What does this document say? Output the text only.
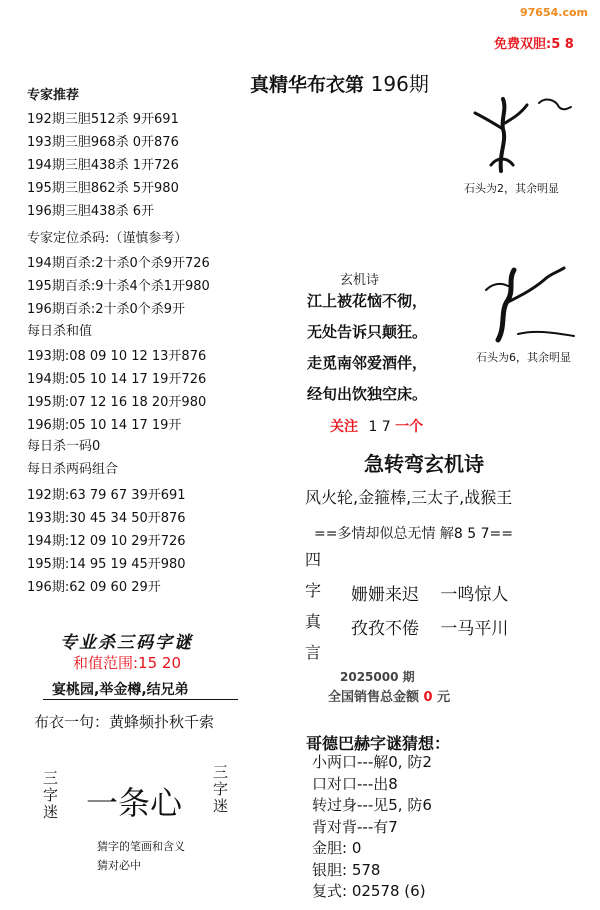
97654.com
免费双胆:5 8
真精华布衣第 196期
专家推荐
192期三胆512杀 9开691
193期三胆968杀 0开876
194期三胆438杀 1开726
195期三胆862杀 5开980
196期三胆438杀 6开
专家定位杀码:（谨慎参考）
194期百杀:2十杀0个杀9开726
195期百杀:9十杀4个杀1开980
196期百杀:2十杀0个杀9开
每日杀和值
193期:08 09 10 12 13开876
194期:05 10 14 17 19开726
195期:07 12 16 18 20开980
196期:05 10 14 17 19开
每日杀一码0
每日杀两码组合
192期:63 79 67 39开691
193期:30 45 34 50开876
194期:12 09 10 29开726
195期:14 95 19 45开980
196期:62 09 60 29开
专业杀三码字谜
和值范围:15 20
宴桃园,举金樽,结兄弟
布衣一句：黄蜂频扑秋千索
三字迷 一条心 三字迷
猜字的笔画和含义
猜对必中
石头为2，其余明显
石头为6，其余明显
玄机诗
江上被花恼不彻，
无处告诉只颠狂。
走觅南邻爱酒伴，
经旬出饮独空床。
关注 1 7 一个
急转弯玄机诗
风火轮,金箍棒,三太子,战猴王
==多情却似总无情 解8 5 7==
四
字
真
言
姗姗来迟 一鸣惊人
孜孜不倦 一马平川
2025000 期
全国销售总金额 0 元
哥德巴赫字谜猜想：
小两口---解0, 防2
口对口---出8
转过身---见5, 防6
背对背---有7
金胆: 0
银胆: 578
复式: 02578 (6)
